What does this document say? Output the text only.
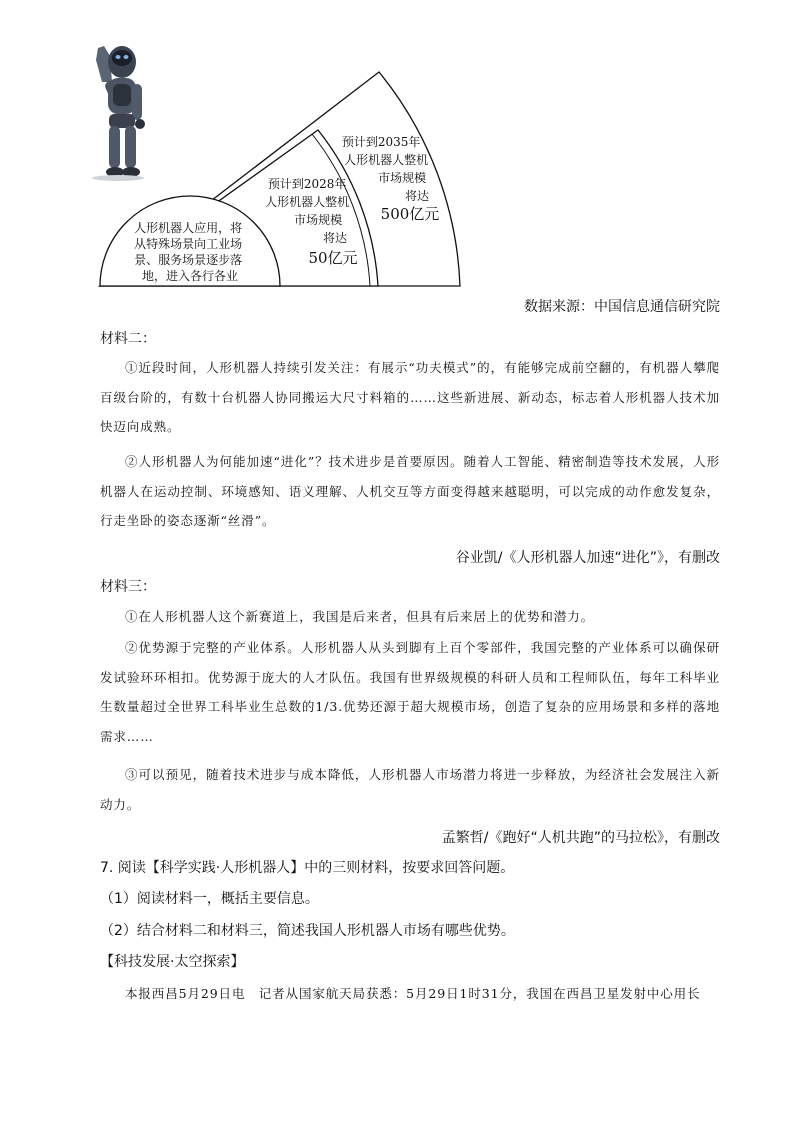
人形机器人应用，将 从特殊场景向工业场 景、服务场景逐步落 地，进入各行各业
预计到2028年 人形机器人整机 市场规模 将达
50亿元
预计到2035年 人形机器人整机 市场规模 将达
500亿元
数据来源：中国信息通信研究院
材料二：

①近段时间，人形机器人持续引发关注：有展示“功夫模式”的，有能够完成前空翻的，有机器人攀爬百级台阶的，有数十台机器人协同搬运大尺寸料箱的……这些新进展、新动态，标志着人形机器人技术加快迈向成熟。

②人形机器人为何能加速“进化”？技术进步是首要原因。随着人工智能、精密制造等技术发展，人形机器人在运动控制、环境感知、语义理解、人机交互等方面变得越来越聪明，可以完成的动作愈发复杂，行走坐卧的姿态逐渐“丝滑”。

谷业凯/《人形机器人加速“进化”》，有删改
材料三：

①在人形机器人这个新赛道上，我国是后来者，但具有后来居上的优势和潜力。

②优势源于完整的产业体系。人形机器人从头到脚有上百个零部件，我国完整的产业体系可以确保研发试验环环相扣。优势源于庞大的人才队伍。我国有世界级规模的科研人员和工程师队伍，每年工科毕业生数量超过全世界工科毕业生总数的1/3.优势还源于超大规模市场，创造了复杂的应用场景和多样的落地需求……

③可以预见，随着技术进步与成本降低，人形机器人市场潜力将进一步释放，为经济社会发展注入新动力。

孟繁哲/《跑好“人机共跑”的马拉松》，有删改
7. 阅读【科学实践·人形机器人】中的三则材料，按要求回答问题。
（1）阅读材料一，概括主要信息。
（2）结合材料二和材料三，简述我国人形机器人市场有哪些优势。
【科技发展·太空探索】

本报西昌5月29日电　记者从国家航天局获悉：5月29日1时31分，我国在西昌卫星发射中心用长
